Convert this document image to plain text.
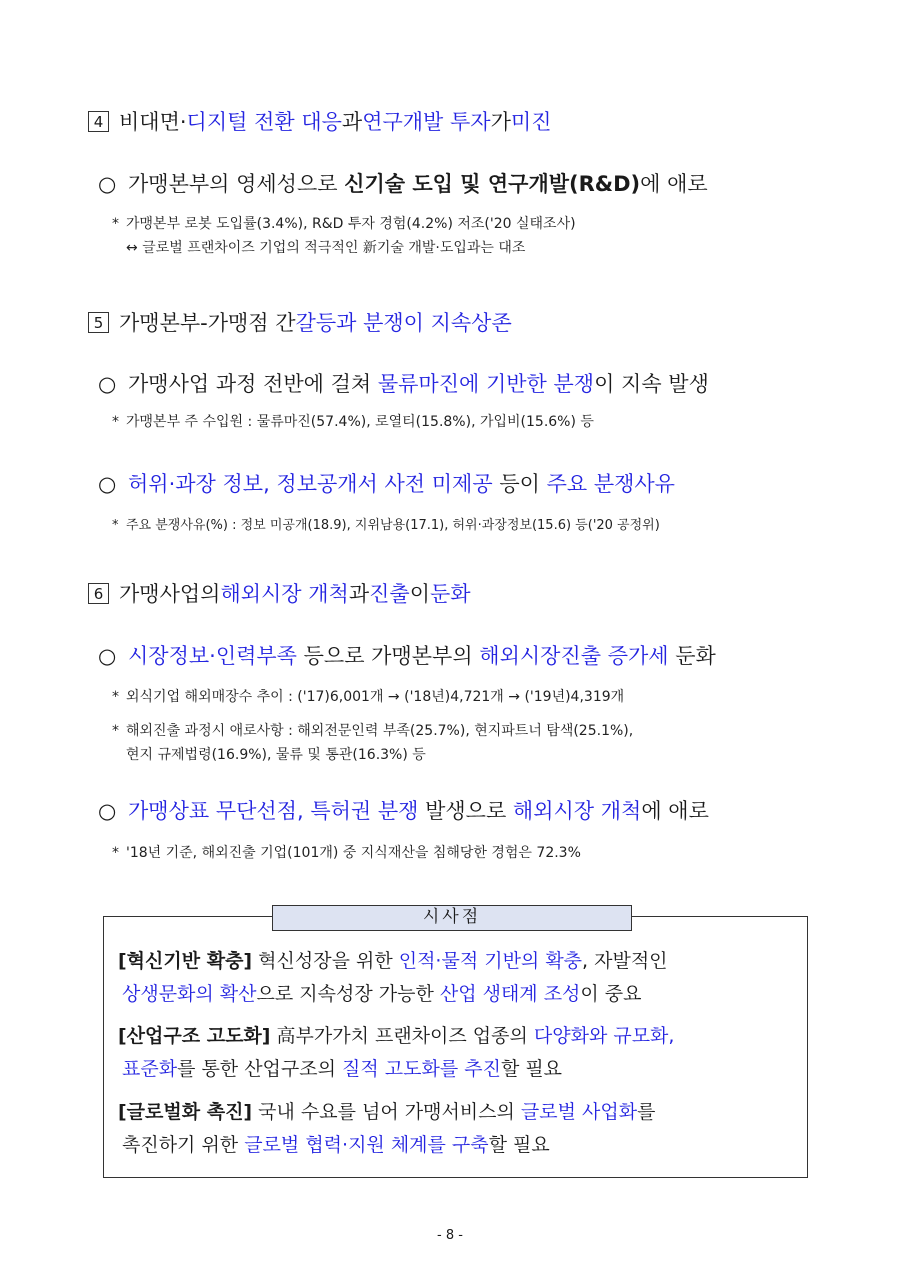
4 비대면· 디지털 전환 대응 과 연구개발 투자 가 미진
○ 가맹본부의 영세성으로 신기술 도입 및 연구개발(R&D)에 애로
* 가맹본부 로봇 도입률(3.4%), R&D 투자 경험(4.2%) 저조('20 실태조사)
↔ 글로벌 프랜차이즈 기업의 적극적인 新기술 개발·도입과는 대조
5 가맹본부-가맹점 간 갈등과 분쟁이 지속상존
○ 가맹사업 과정 전반에 걸쳐 물류마진에 기반한 분쟁이 지속 발생
* 가맹본부 주 수입원 : 물류마진(57.4%), 로열티(15.8%), 가입비(15.6%) 등
○ 허위·과장 정보, 정보공개서 사전 미제공 등이 주요 분쟁사유
* 주요 분쟁사유(%) : 정보 미공개(18.9), 지위남용(17.1), 허위·과장정보(15.6) 등('20 공정위)
6 가맹사업의 해외시장 개척 과 진출 이 둔화
○ 시장정보·인력부족 등으로 가맹본부의 해외시장진출 증가세 둔화
* 외식기업 해외매장수 추이 : ('17)6,001개 → ('18년)4,721개 → ('19년)4,319개
* 해외진출 과정시 애로사항 : 해외전문인력 부족(25.7%), 현지파트너 탐색(25.1%),
현지 규제법령(16.9%), 물류 및 통관(16.3%) 등
○ 가맹상표 무단선점, 특허권 분쟁 발생으로 해외시장 개척에 애로
* '18년 기준, 해외진출 기업(101개) 중 지식재산을 침해당한 경험은 72.3%
시사점
[혁신기반 확충] 혁신성장을 위한 인적·물적 기반의 확충, 자발적인
상생문화의 확산으로 지속성장 가능한 산업 생태계 조성이 중요
[산업구조 고도화] 高부가가치 프랜차이즈 업종의 다양화와 규모화,
표준화를 통한 산업구조의 질적 고도화를 추진할 필요
[글로벌화 촉진] 국내 수요를 넘어 가맹서비스의 글로벌 사업화를
촉진하기 위한 글로벌 협력·지원 체계를 구축할 필요
- 8 -
